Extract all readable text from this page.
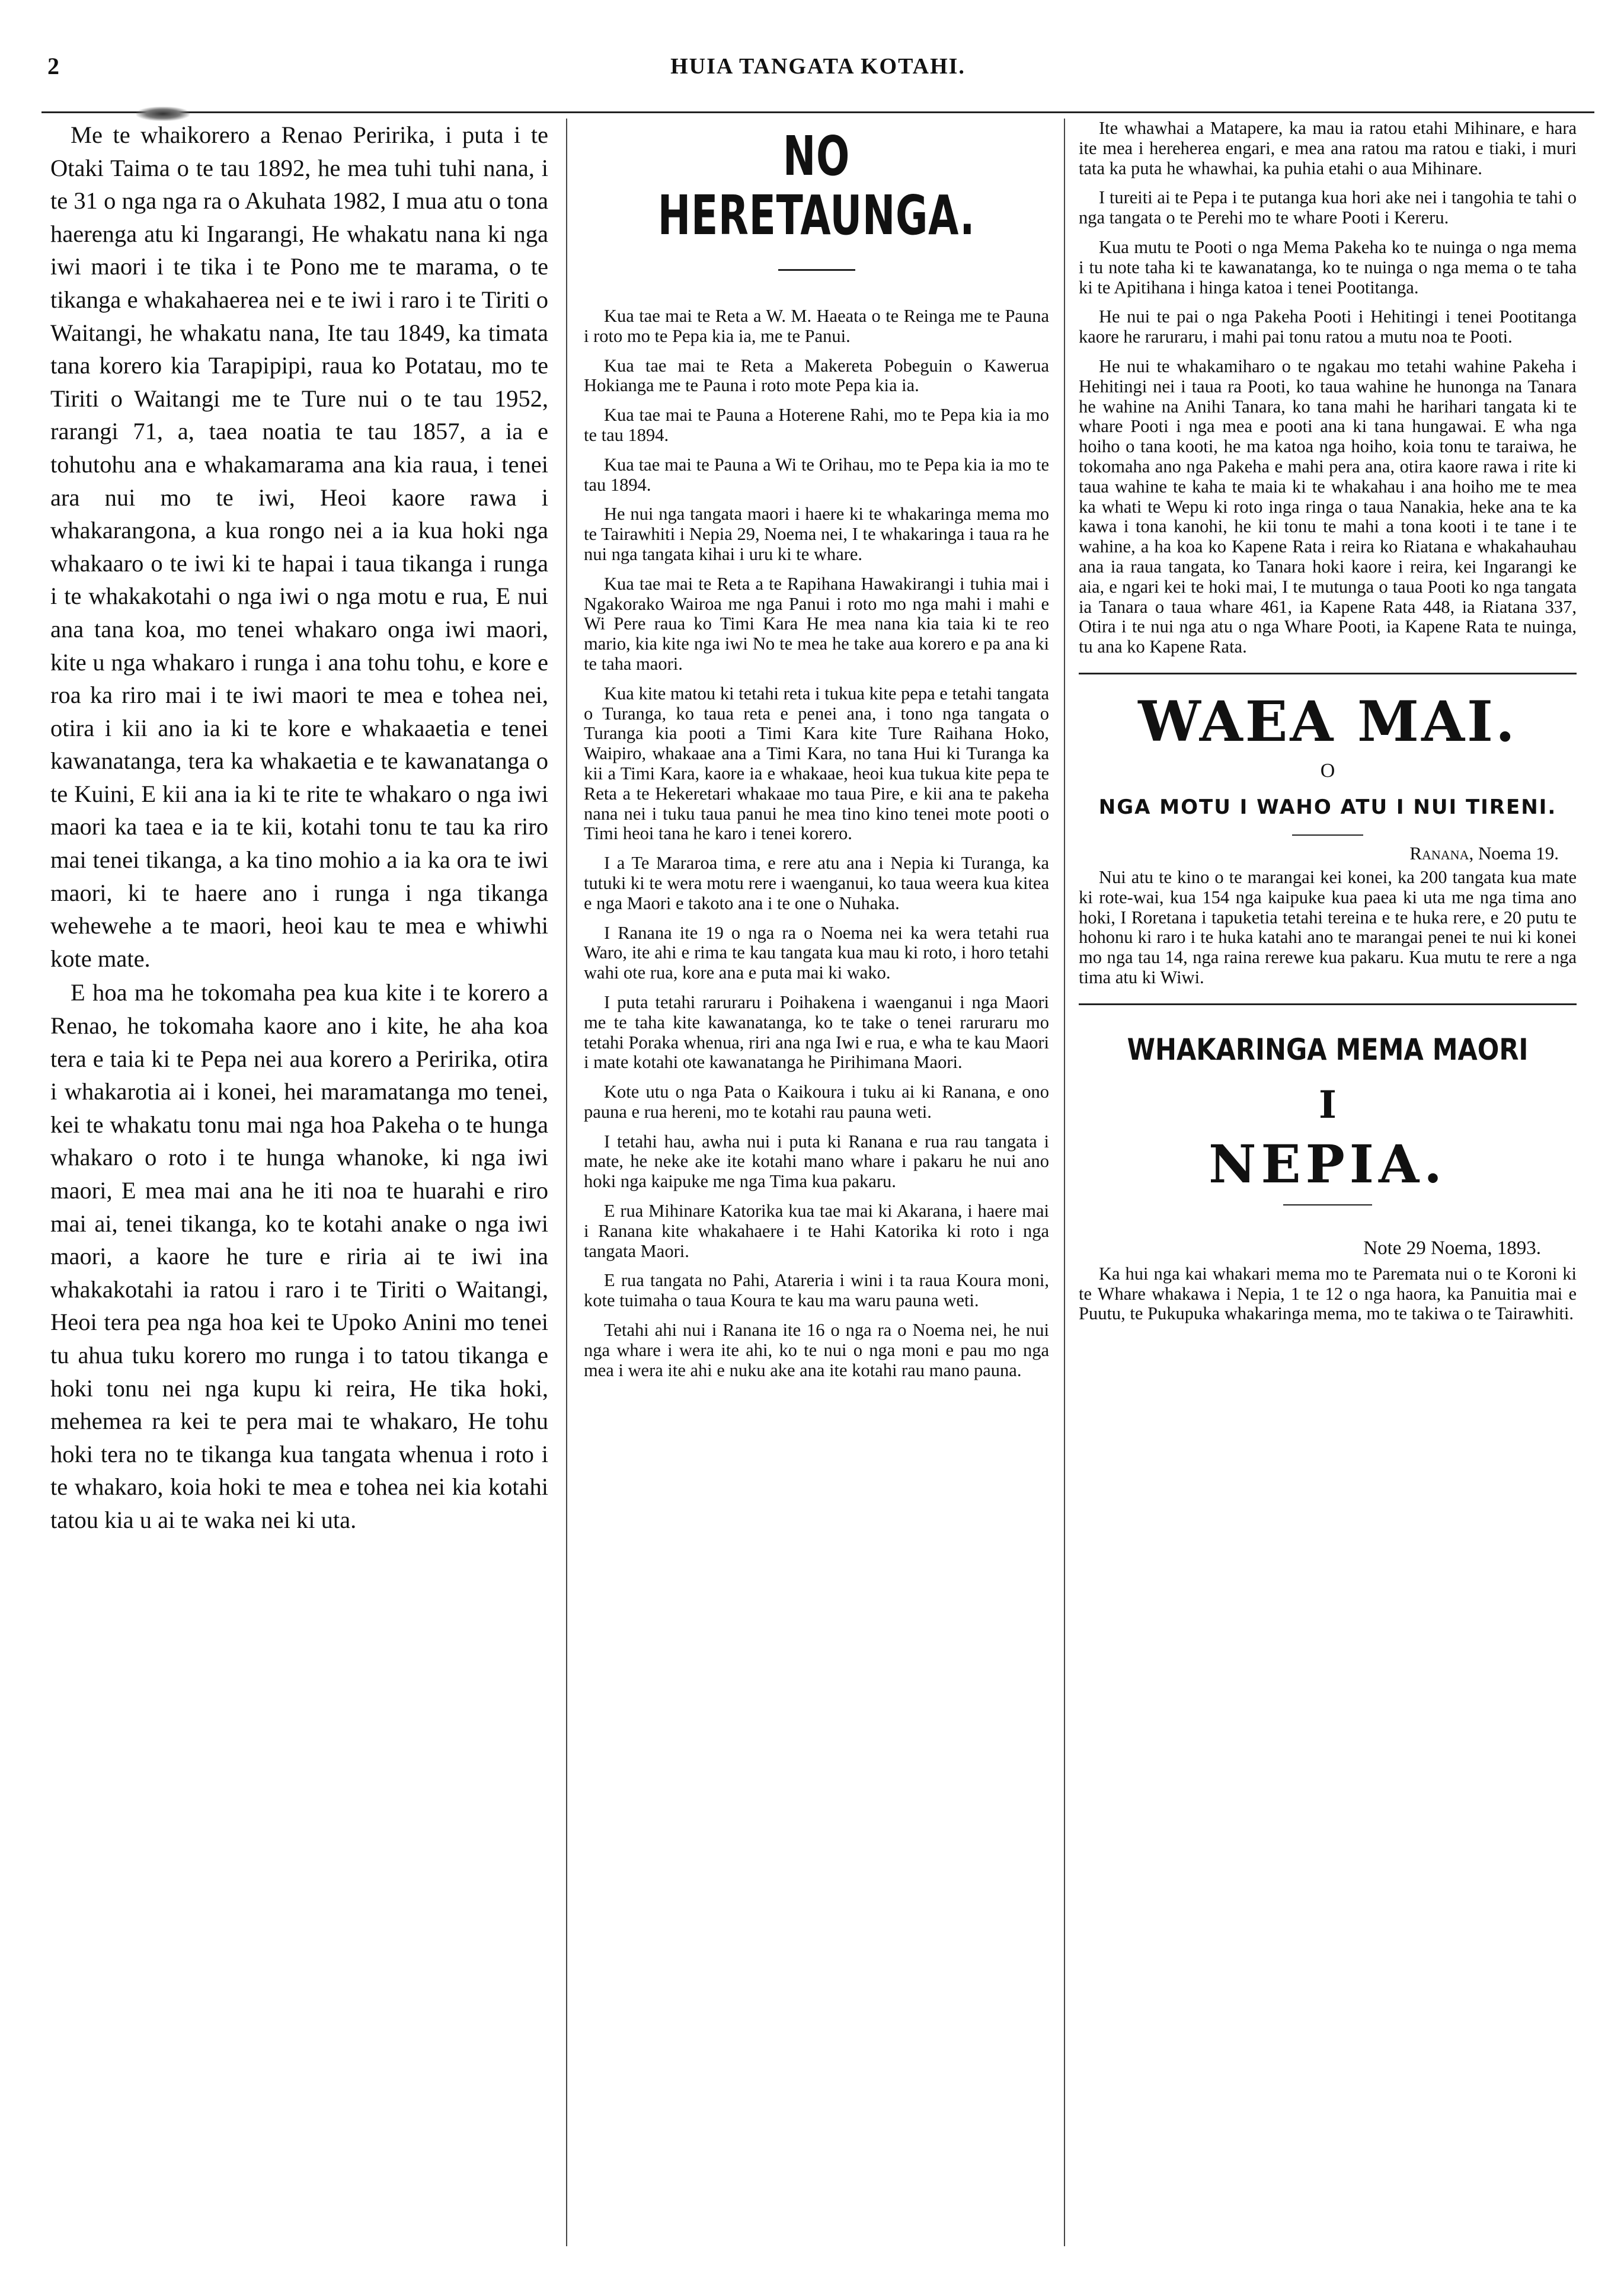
2	HUIA TANGATA KOTAHI.

Me te whaikorero a Renao Peririka, i puta i te Otaki Taima o te tau 1892, he mea tuhi tuhi nana, i te 31 o nga nga ra o Akuhata 1982, I mua atu o tona haerenga atu ki Ingarangi, He whakatu nana ki nga iwi maori i te tika i te Pono me te marama, o te tikanga e whakahaerea nei e te iwi i raro i te Tiriti o Waitangi, he whakatu nana, Ite tau 1849, ka timata tana korero kia Tarapipipi, raua ko Potatau, mo te Tiriti o Waitangi me te Ture nui o te tau 1952, rarangi 71, a, taea noatia te tau 1857, a ia e tohutohu ana e whakamarama ana kia raua, i tenei ara nui mo te iwi, Heoi kaore rawa i whakarangona, a kua rongo nei a ia kua hoki nga whakaaro o te iwi ki te hapai i taua tikanga i runga i te whakakotahi o nga iwi o nga motu e rua, E nui ana tana koa, mo tenei whakaro onga iwi maori, kite u nga whakaro i runga i ana tohu tohu, e kore e roa ka riro mai i te iwi maori te mea e tohea nei, otira i kii ano ia ki te kore e whakaaetia e tenei kawanatanga, tera ka whakaetia e te kawanatanga o te Kuini, E kii ana ia ki te rite te whakaro o nga iwi maori ka taea e ia te kii, kotahi tonu te tau ka riro mai tenei tikanga, a ka tino mohio a ia ka ora te iwi maori, ki te haere ano i runga i nga tikanga wehewehe a te maori, heoi kau te mea e whiwhi kote mate.

E hoa ma he tokomaha pea kua kite i te korero a Renao, he tokomaha kaore ano i kite, he aha koa tera e taia ki te Pepa nei aua korero a Peririka, otira i whakarotia ai i konei, hei maramatanga mo tenei, kei te whakatu tonu mai nga hoa Pakeha o te hunga whakaro o roto i te hunga whanoke, ki nga iwi maori, E mea mai ana he iti noa te huarahi e riro mai ai, tenei tikanga, ko te kotahi anake o nga iwi maori, a kaore he ture e riria ai te iwi ina whakakotahi ia ratou i raro i te Tiriti o Waitangi, Heoi tera pea nga hoa kei te Upoko Anini mo tenei tu ahua tuku korero mo runga i to tatou tikanga e hoki tonu nei nga kupu ki reira, He tika hoki, mehemea ra kei te pera mai te whakaro, He tohu hoki tera no te tikanga kua tangata whenua i roto i te whakaro, koia hoki te mea e tohea nei kia kotahi tatou kia u ai te waka nei ki uta.

NO HERETAUNGA.

Kua tae mai te Reta a W. M. Haeata o te Reinga me te Pauna i roto mo te Pepa kia ia, me te Panui.

Kua tae mai te Reta a Makereta Pobeguin o Kawerua Hokianga me te Pauna i roto mote Pepa kia ia.

Kua tae mai te Pauna a Hoterene Rahi, mo te Pepa kia ia mo te tau 1894.

Kua tae mai te Pauna a Wi te Orihau, mo te Pepa kia ia mo te tau 1894.

He nui nga tangata maori i haere ki te whakaringa mema mo te Tairawhiti i Nepia 29, Noema nei, I te whakaringa i taua ra he nui nga tangata kihai i uru ki te whare.

Kua tae mai te Reta a te Rapihana Hawakirangi i tuhia mai i Ngakorako Wairoa me nga Panui i roto mo nga mahi i mahi e Wi Pere raua ko Timi Kara He mea nana kia taia ki te reo mario, kia kite nga iwi No te mea he take aua korero e pa ana ki te taha maori.

Kua kite matou ki tetahi reta i tukua kite pepa e tetahi tangata o Turanga, ko taua reta e penei ana, i tono nga tangata o Turanga kia pooti a Timi Kara kite Ture Raihana Hoko, Waipiro, whakaae ana a Timi Kara, no tana Hui ki Turanga ka kii a Timi Kara, kaore ia e whakaae, heoi kua tukua kite pepa te Reta a te Hekeretari whakaae mo taua Pire, e kii ana te pakeha nana nei i tuku taua panui he mea tino kino tenei mote pooti o Timi heoi tana he karo i tenei korero.

I a Te Mararoa tima, e rere atu ana i Nepia ki Turanga, ka tutuki ki te wera motu rere i waenganui, ko taua weera kua kitea e nga Maori e takoto ana i te one o Nuhaka.

I Ranana ite 19 o nga ra o Noema nei ka wera tetahi rua Waro, ite ahi e rima te kau tangata kua mau ki roto, i horo tetahi wahi ote rua, kore ana e puta mai ki wako.

I puta tetahi raruraru i Poihakena i waenganui i nga Maori me te taha kite kawanatanga, ko te take o tenei raruraru mo tetahi Poraka whenua, riri ana nga Iwi e rua, e wha te kau Maori i mate kotahi ote kawanatanga he Pirihimana Maori.

Kote utu o nga Pata o Kaikoura i tuku ai ki Ranana, e ono pauna e rua hereni, mo te kotahi rau pauna weti.

I tetahi hau, awha nui i puta ki Ranana e rua rau tangata i mate, he neke ake ite kotahi mano whare i pakaru he nui ano hoki nga kaipuke me nga Tima kua pakaru.

E rua Mihinare Katorika kua tae mai ki Akarana, i haere mai i Ranana kite whakahaere i te Hahi Katorika ki roto i nga tangata Maori.

E rua tangata no Pahi, Atareria i wini i ta raua Koura moni, kote tuimaha o taua Koura te kau ma waru pauna weti.

Tetahi ahi nui i Ranana ite 16 o nga ra o Noema nei, he nui nga whare i wera ite ahi, ko te nui o nga moni e pau mo nga mea i wera ite ahi e nuku ake ana ite kotahi rau mano pauna.

Ite whawhai a Matapere, ka mau ia ratou etahi Mihinare, e hara ite mea i hereherea engari, e mea ana ratou ma ratou e tiaki, i muri tata ka puta he whawhai, ka puhia etahi o aua Mihinare.

I tureiti ai te Pepa i te putanga kua hori ake nei i tangohia te tahi o nga tangata o te Perehi mo te whare Pooti i Kereru.

Kua mutu te Pooti o nga Mema Pakeha ko te nuinga o nga mema i tu note taha ki te kawanatanga, ko te nuinga o nga mema o te taha ki te Apitihana i hinga katoa i tenei Pootitanga.

He nui te pai o nga Pakeha Pooti i Hehitingi i tenei Pootitanga kaore he raruraru, i mahi pai tonu ratou a mutu noa te Pooti.

He nui te whakamiharo o te ngakau mo tetahi wahine Pakeha i Hehitingi nei i taua ra Pooti, ko taua wahine he hunonga na Tanara he wahine na Anihi Tanara, ko tana mahi he harihari tangata ki te whare Pooti i nga mea e pooti ana ki tana hungawai. E wha nga hoiho o tana kooti, he ma katoa nga hoiho, koia tonu te taraiwa, he tokomaha ano nga Pakeha e mahi pera ana, otira kaore rawa i rite ki taua wahine te kaha te maia ki te whakahau i ana hoiho me te mea ka whati te Wepu ki roto inga ringa o taua Nanakia, heke ana te ka kawa i tona kanohi, he kii tonu te mahi a tona kooti i te tane i te wahine, a ha koa ko Kapene Rata i reira ko Riatana e whakahauhau ana ia raua tangata, ko Tanara hoki kaore i reira, kei Ingarangi ke aia, e ngari kei te hoki mai, I te mutunga o taua Pooti ko nga tangata ia Tanara o taua whare 461, ia Kapene Rata 448, ia Riatana 337, Otira i te nui nga atu o nga Whare Pooti, ia Kapene Rata te nuinga, tu ana ko Kapene Rata.

WAEA MAI.
O
NGA MOTU I WAHO ATU I NUI TIRENI.
Ranana, Noema 19.

Nui atu te kino o te marangai kei konei, ka 200 tangata kua mate ki rote-wai, kua 154 nga kaipuke kua paea ki uta me nga tima ano hoki, I Roretana i tapuketia tetahi tereina e te huka rere, e 20 putu te hohonu ki raro i te huka katahi ano te marangai penei te nui ki konei mo nga tau 14, nga raina rerewe kua pakaru. Kua mutu te rere a nga tima atu ki Wiwi.

WHAKARINGA MEMA MAORI
I
NEPIA.
Note 29 Noema, 1893.

Ka hui nga kai whakari mema mo te Paremata nui o te Koroni ki te Whare whakawa i Nepia, 1 te 12 o nga haora, ka Panuitia mai e Puutu, te Pukupuka whakaringa mema, mo te takiwa o te Tairawhiti.
